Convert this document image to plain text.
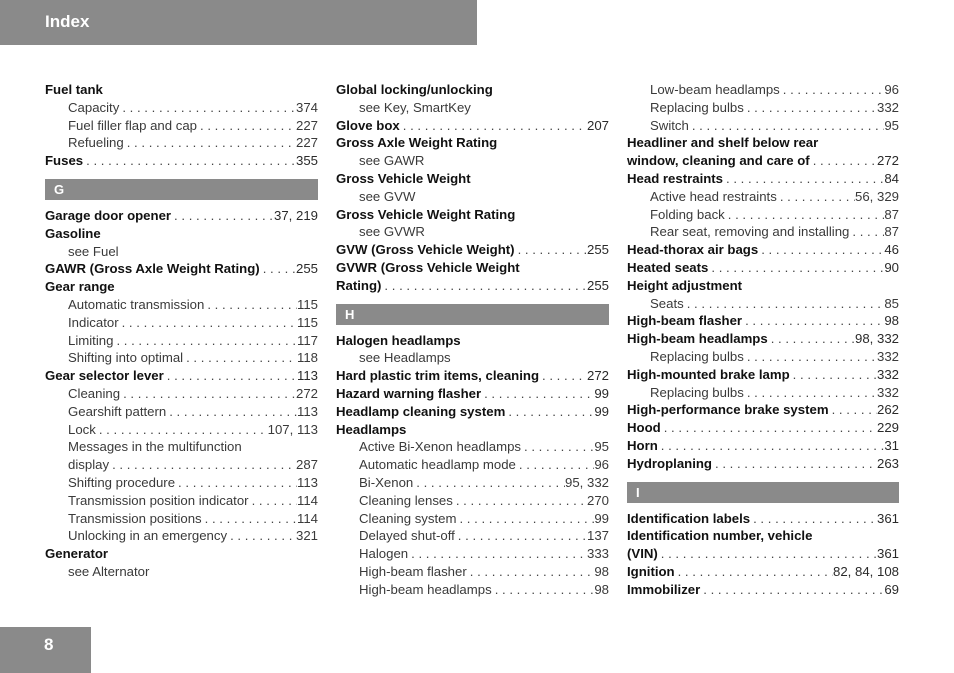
Index
Fuel tank
Capacity . . .	374
Fuel filler flap and cap . . .	227
Refueling . . .	227
Fuses . . .	355
G
Garage door opener . . .	37, 219
Gasoline
see Fuel
GAWR (Gross Axle Weight Rating) . . .	255
Gear range
Automatic transmission . . .	115
Indicator . . .	115
Limiting . . .	117
Shifting into optimal . . .	118
Gear selector lever . . .	113
Cleaning . . .	272
Gearshift pattern . . .	113
Lock . . .	107, 113
Messages in the multifunction
display . . .	287
Shifting procedure . . .	113
Transmission position indicator . . .	114
Transmission positions . . .	114
Unlocking in an emergency . . .	321
Generator
see Alternator
Global locking/unlocking
see Key, SmartKey
Glove box . . .	207
Gross Axle Weight Rating
see GAWR
Gross Vehicle Weight
see GVW
Gross Vehicle Weight Rating
see GVWR
GVW (Gross Vehicle Weight) . . .	255
GVWR (Gross Vehicle Weight
Rating) . . .	255
H
Halogen headlamps
see Headlamps
Hard plastic trim items, cleaning . . .	272
Hazard warning flasher . . .	99
Headlamp cleaning system . . .	99
Headlamps
Active Bi-Xenon headlamps . . .	95
Automatic headlamp mode . . .	96
Bi-Xenon . . .	95, 332
Cleaning lenses . . .	270
Cleaning system . . .	99
Delayed shut-off . . .	137
Halogen . . .	333
High-beam flasher . . .	98
High-beam headlamps . . .	98
Low-beam headlamps . . .	96
Replacing bulbs . . .	332
Switch . . .	95
Headliner and shelf below rear
window, cleaning and care of . . .	272
Head restraints . . .	84
Active head restraints . . .	56, 329
Folding back . . .	87
Rear seat, removing and installing . . .	87
Head-thorax air bags . . .	46
Heated seats . . .	90
Height adjustment
Seats . . .	85
High-beam flasher . . .	98
High-beam headlamps . . .	98, 332
Replacing bulbs . . .	332
High-mounted brake lamp . . .	332
Replacing bulbs . . .	332
High-performance brake system . . .	262
Hood . . .	229
Horn . . .	31
Hydroplaning . . .	263
I
Identification labels . . .	361
Identification number, vehicle
(VIN) . . .	361
Ignition . . .	82, 84, 108
Immobilizer . . .	69
8
